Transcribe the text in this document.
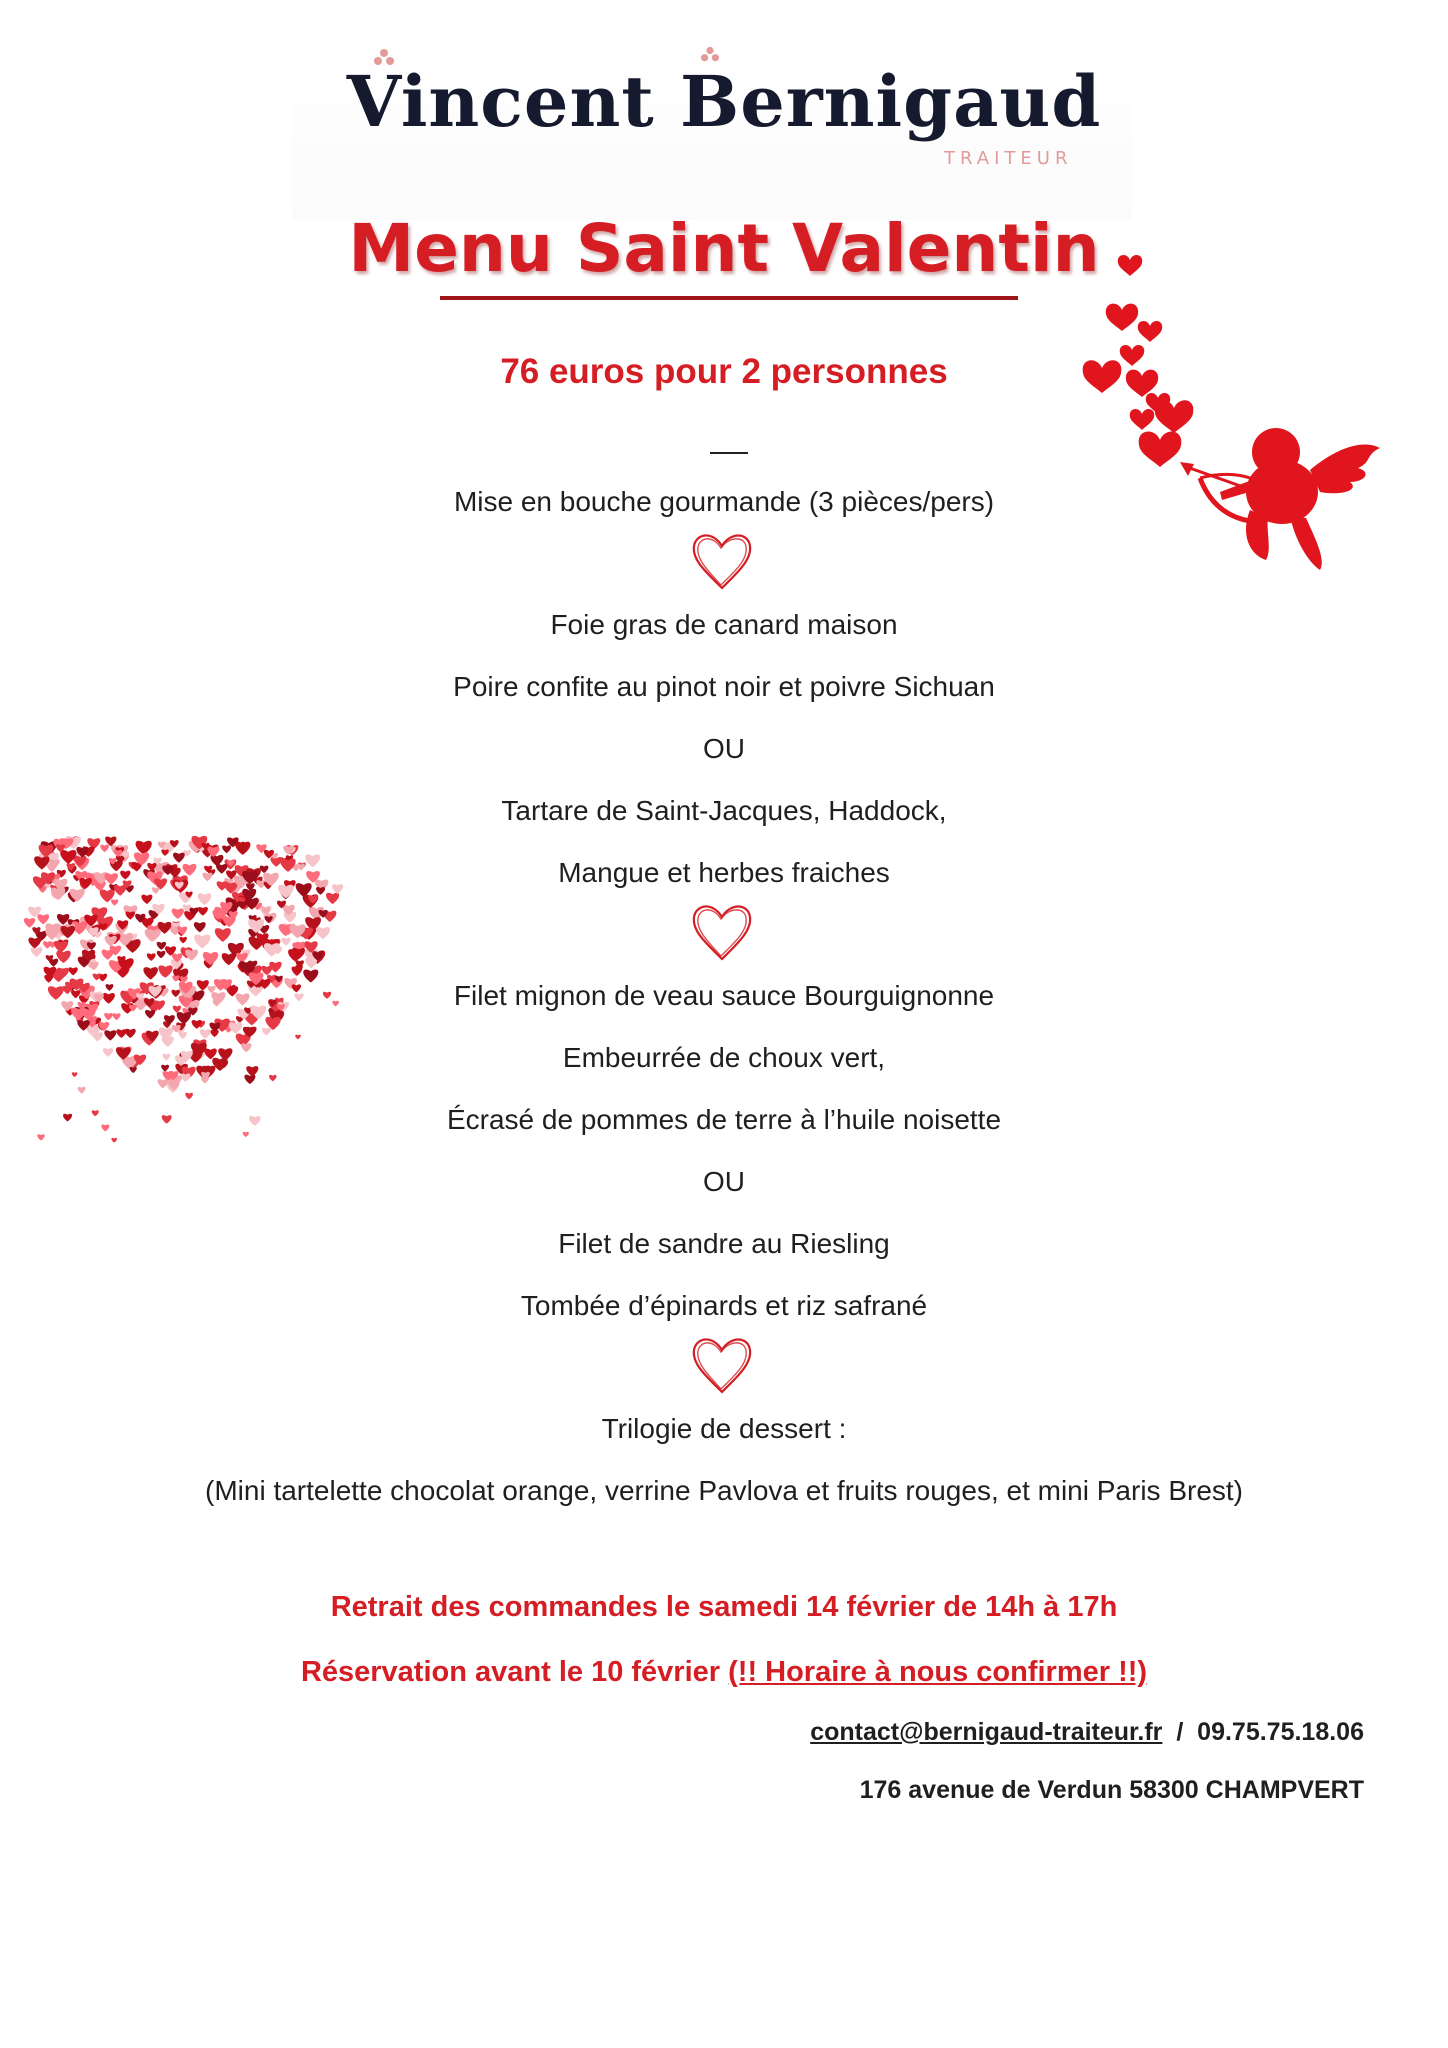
Vincent Bernigaud
TRAITEUR
Menu Saint Valentin
76 euros pour 2 personnes
Mise en bouche gourmande (3 pièces/pers)
Foie gras de canard maison
Poire confite au pinot noir et poivre Sichuan
OU
Tartare de Saint-Jacques, Haddock,
Mangue et herbes fraiches
Filet mignon de veau sauce Bourguignonne
Embeurrée de choux vert,
Écrasé de pommes de terre à l’huile noisette
OU
Filet de sandre au Riesling
Tombée d’épinards et riz safrané
Trilogie de dessert :
(Mini tartelette chocolat orange, verrine Pavlova et fruits rouges, et mini Paris Brest)
Retrait des commandes le samedi 14 février de 14h à 17h
Réservation avant le 10 février (!! Horaire à nous confirmer !!)
contact@bernigaud-traiteur.fr / 09.75.75.18.06
176 avenue de Verdun 58300 CHAMPVERT
